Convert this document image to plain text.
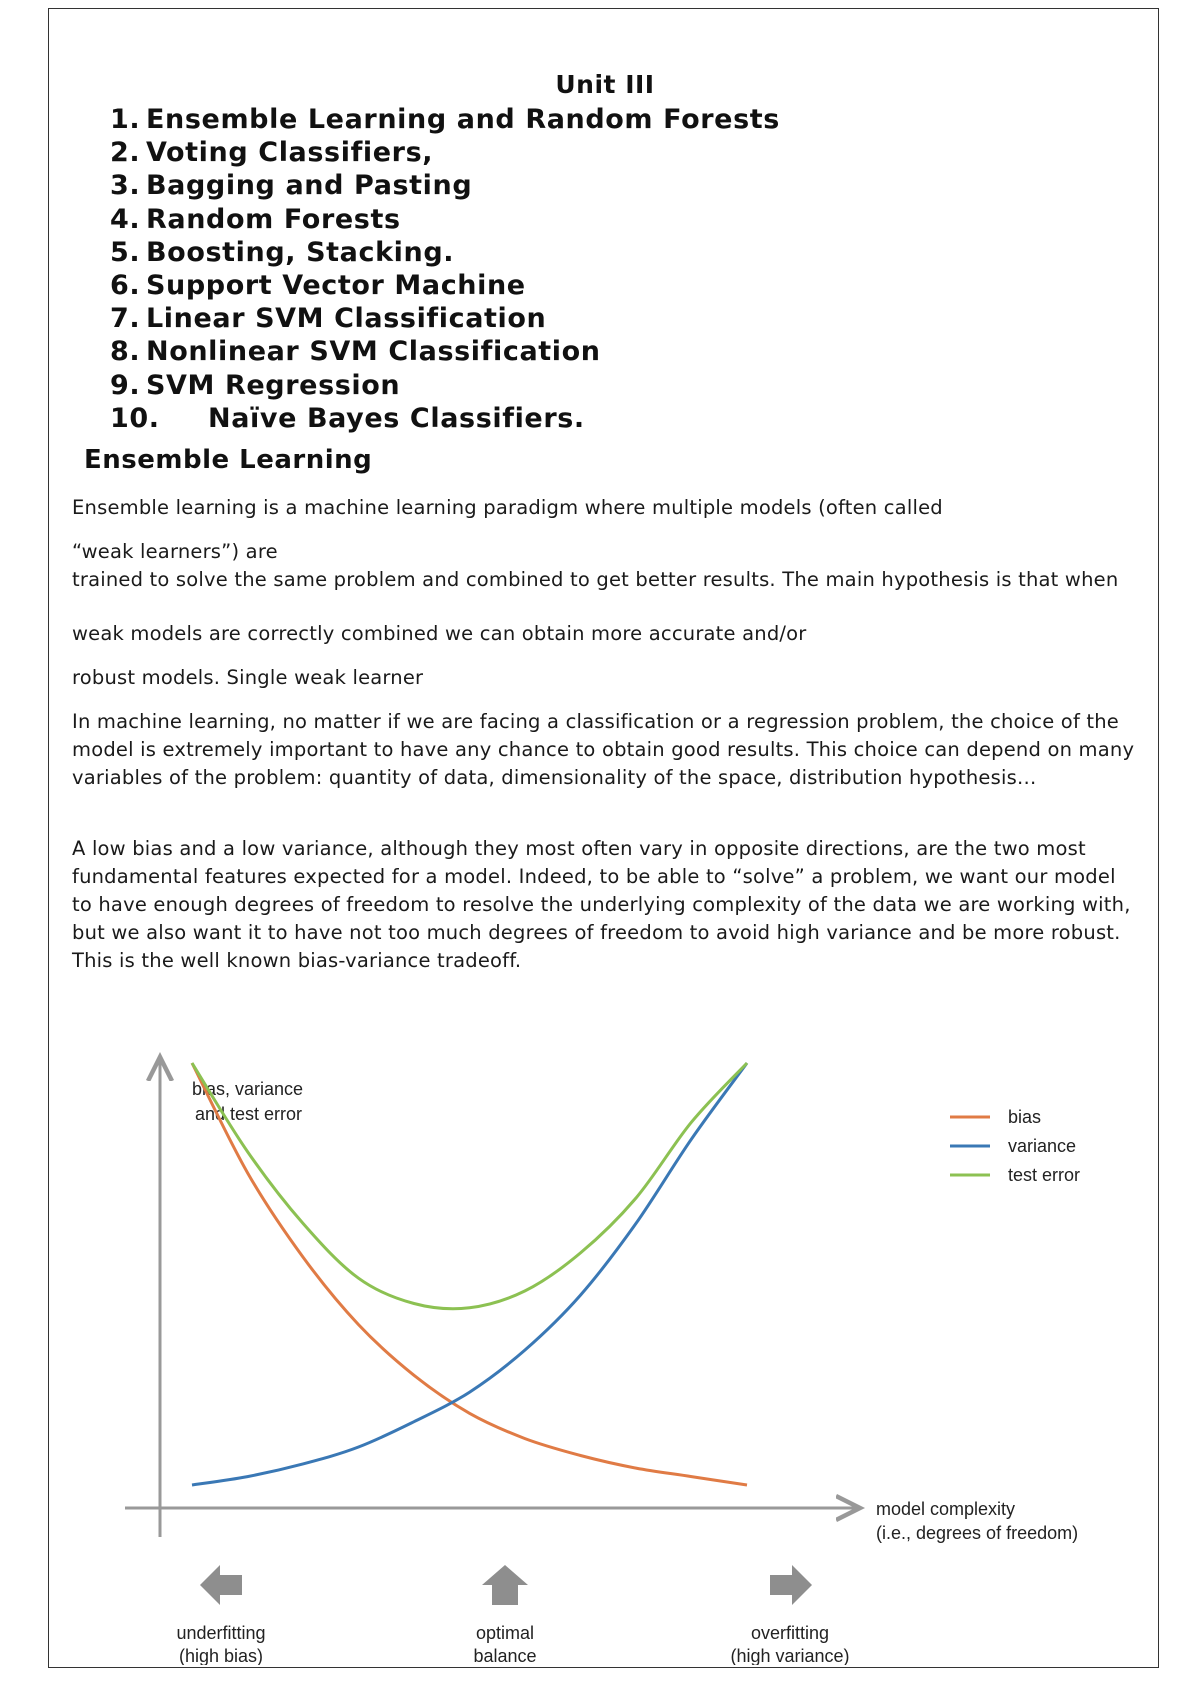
Unit III
1. Ensemble Learning and Random Forests
2. Voting Classifiers,
3. Bagging and Pasting
4. Random Forests
5. Boosting, Stacking.
6. Support Vector Machine
7. Linear SVM Classification
8. Nonlinear SVM Classification
9. SVM Regression
10. Naïve Bayes Classifiers.
Ensemble Learning
Ensemble learning is a machine learning paradigm where multiple models (often called
“weak learners”) are
trained to solve the same problem and combined to get better results. The main hypothesis is that when
weak models are correctly combined we can obtain more accurate and/or
robust models. Single weak learner
In machine learning, no matter if we are facing a classification or a regression problem, the choice of the model is extremely important to have any chance to obtain good results. This choice can depend on many variables of the problem: quantity of data, dimensionality of the space, distribution hypothesis…
A low bias and a low variance, although they most often vary in opposite directions, are the two most fundamental features expected for a model. Indeed, to be able to “solve” a problem, we want our model to have enough degrees of freedom to resolve the underlying complexity of the data we are working with, but we also want it to have not too much degrees of freedom to avoid high variance and be more robust. This is the well known bias-variance tradeoff.
bias, variance
and test error
model complexity
(i.e., degrees of freedom)
bias
variance
test error
underfitting
(high bias)
optimal
balance
overfitting
(high variance)
